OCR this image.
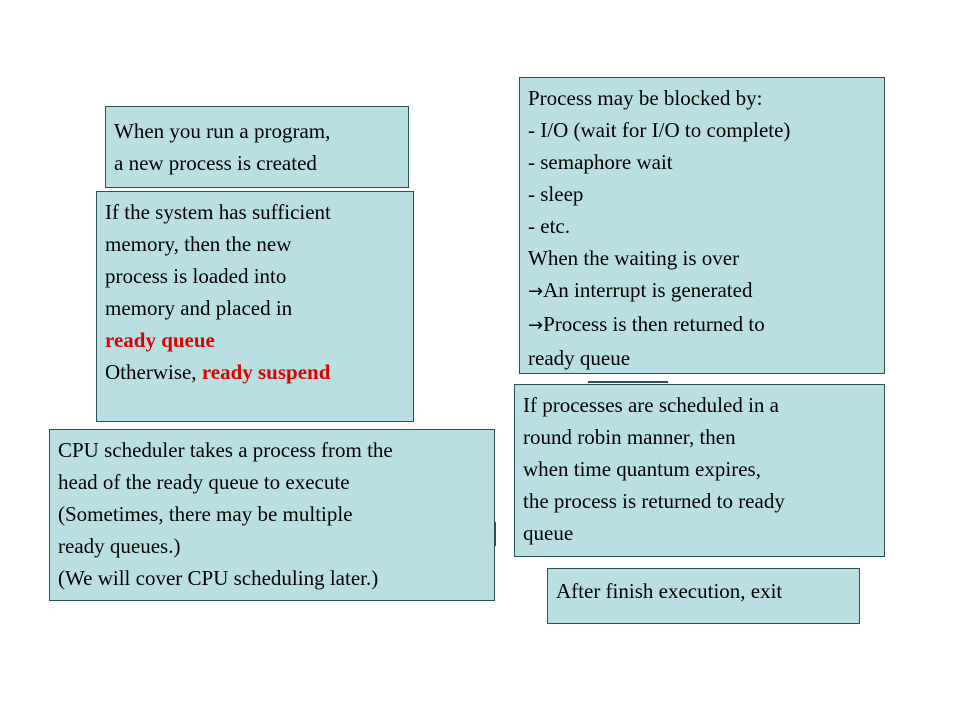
When you run a program,
a new process is created
If the system has sufficient
memory, then the new
process is loaded into
memory and placed in
ready queue
Otherwise, ready suspend
CPU scheduler takes a process from the
head of the ready queue to execute
(Sometimes, there may be multiple
ready queues.)
(We will cover CPU scheduling later.)
Process may be blocked by:
- I/O (wait for I/O to complete)
- semaphore wait
- sleep
- etc.
When the waiting is over
→An interrupt is generated
→Process is then returned to
ready queue
If processes are scheduled in a
round robin manner, then
when time quantum expires,
the process is returned to ready
queue
After finish execution, exit
